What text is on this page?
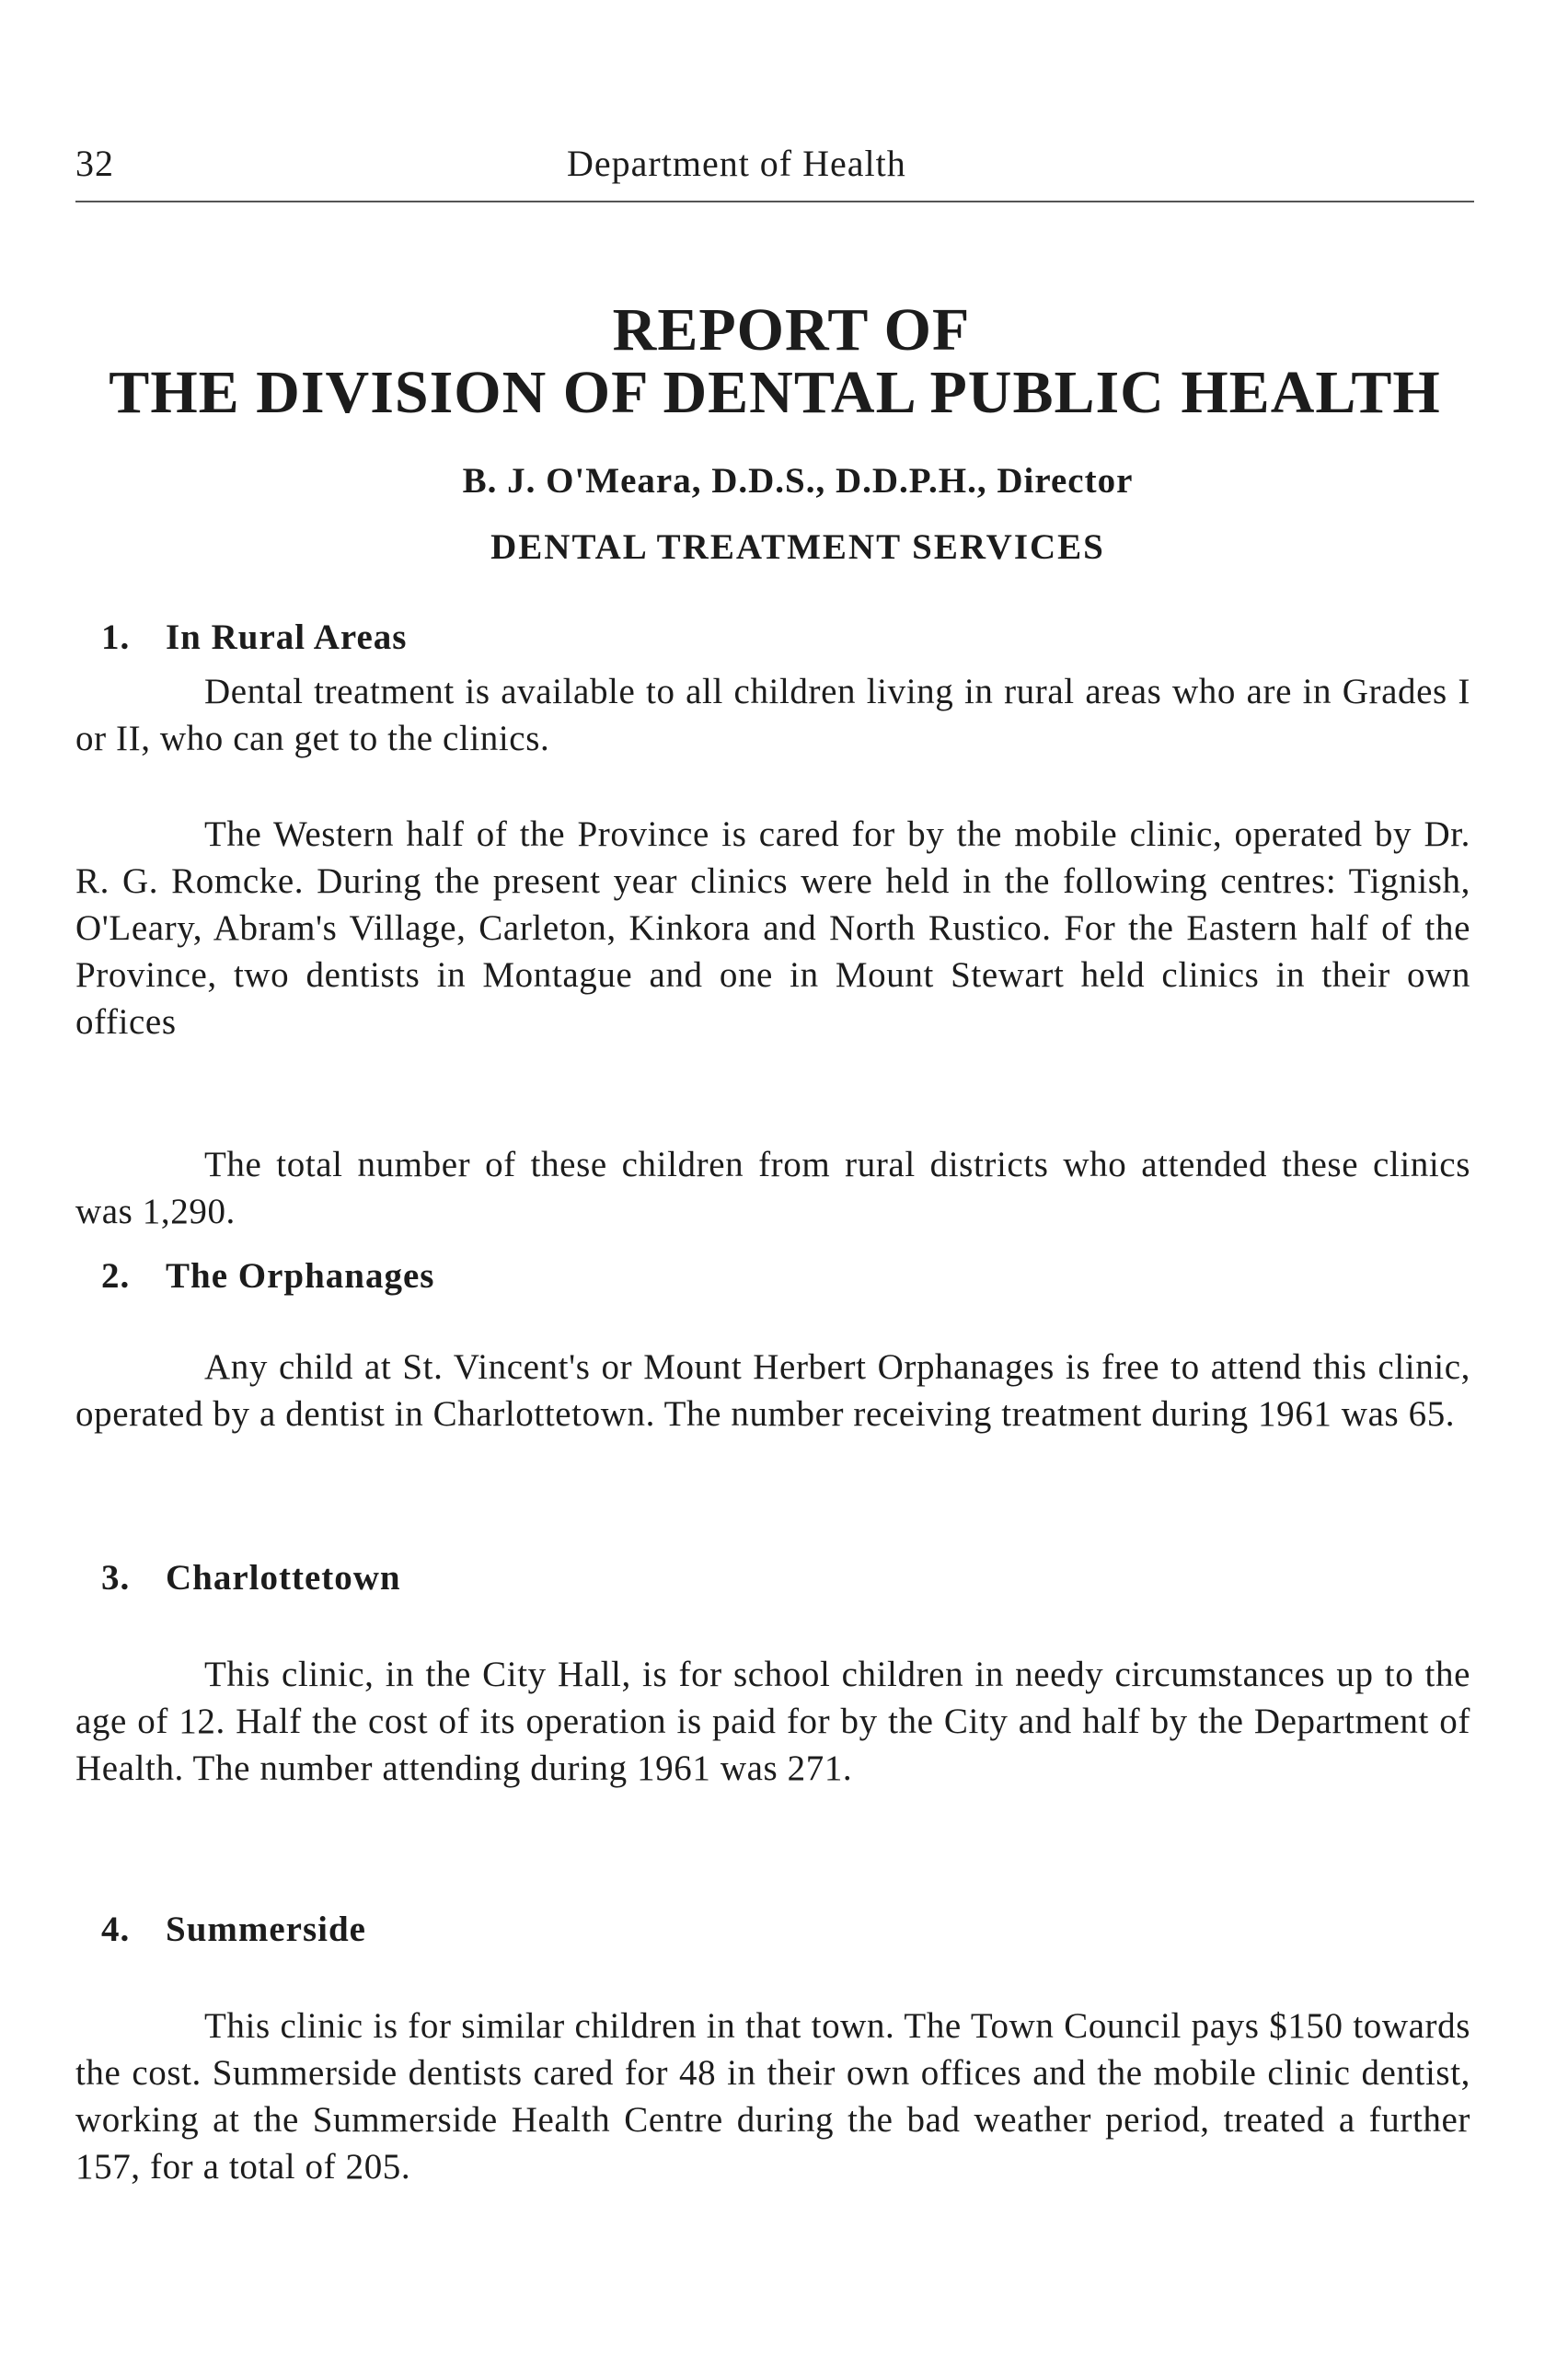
32	Department of Health
REPORT OF
THE DIVISION OF DENTAL PUBLIC HEALTH
B. J. O'Meara, D.D.S., D.D.P.H., Director
DENTAL TREATMENT SERVICES
1. In Rural Areas

Dental treatment is available to all children living in rural areas who are in Grades I or II, who can get to the clinics.

The Western half of the Province is cared for by the mobile clinic, operated by Dr. R. G. Romcke. During the present year clinics were held in the following centres: Tignish, O'Leary, Abram's Village, Carleton, Kinkora and North Rustico. For the Eastern half of the Province, two dentists in Montague and one in Mount Stewart held clinics in their own offices

The total number of these children from rural districts who attended these clinics was 1,290.

2. The Orphanages

Any child at St. Vincent's or Mount Herbert Orphanages is free to attend this clinic, operated by a dentist in Charlottetown. The number receiving treatment during 1961 was 65.

3. Charlottetown

This clinic, in the City Hall, is for school children in needy circumstances up to the age of 12. Half the cost of its operation is paid for by the City and half by the Department of Health. The number attending during 1961 was 271.

4. Summerside

This clinic is for similar children in that town. The Town Council pays $150 towards the cost. Summerside dentists cared for 48 in their own offices and the mobile clinic dentist, working at the Summerside Health Centre during the bad weather period, treated a further 157, for a total of 205.
